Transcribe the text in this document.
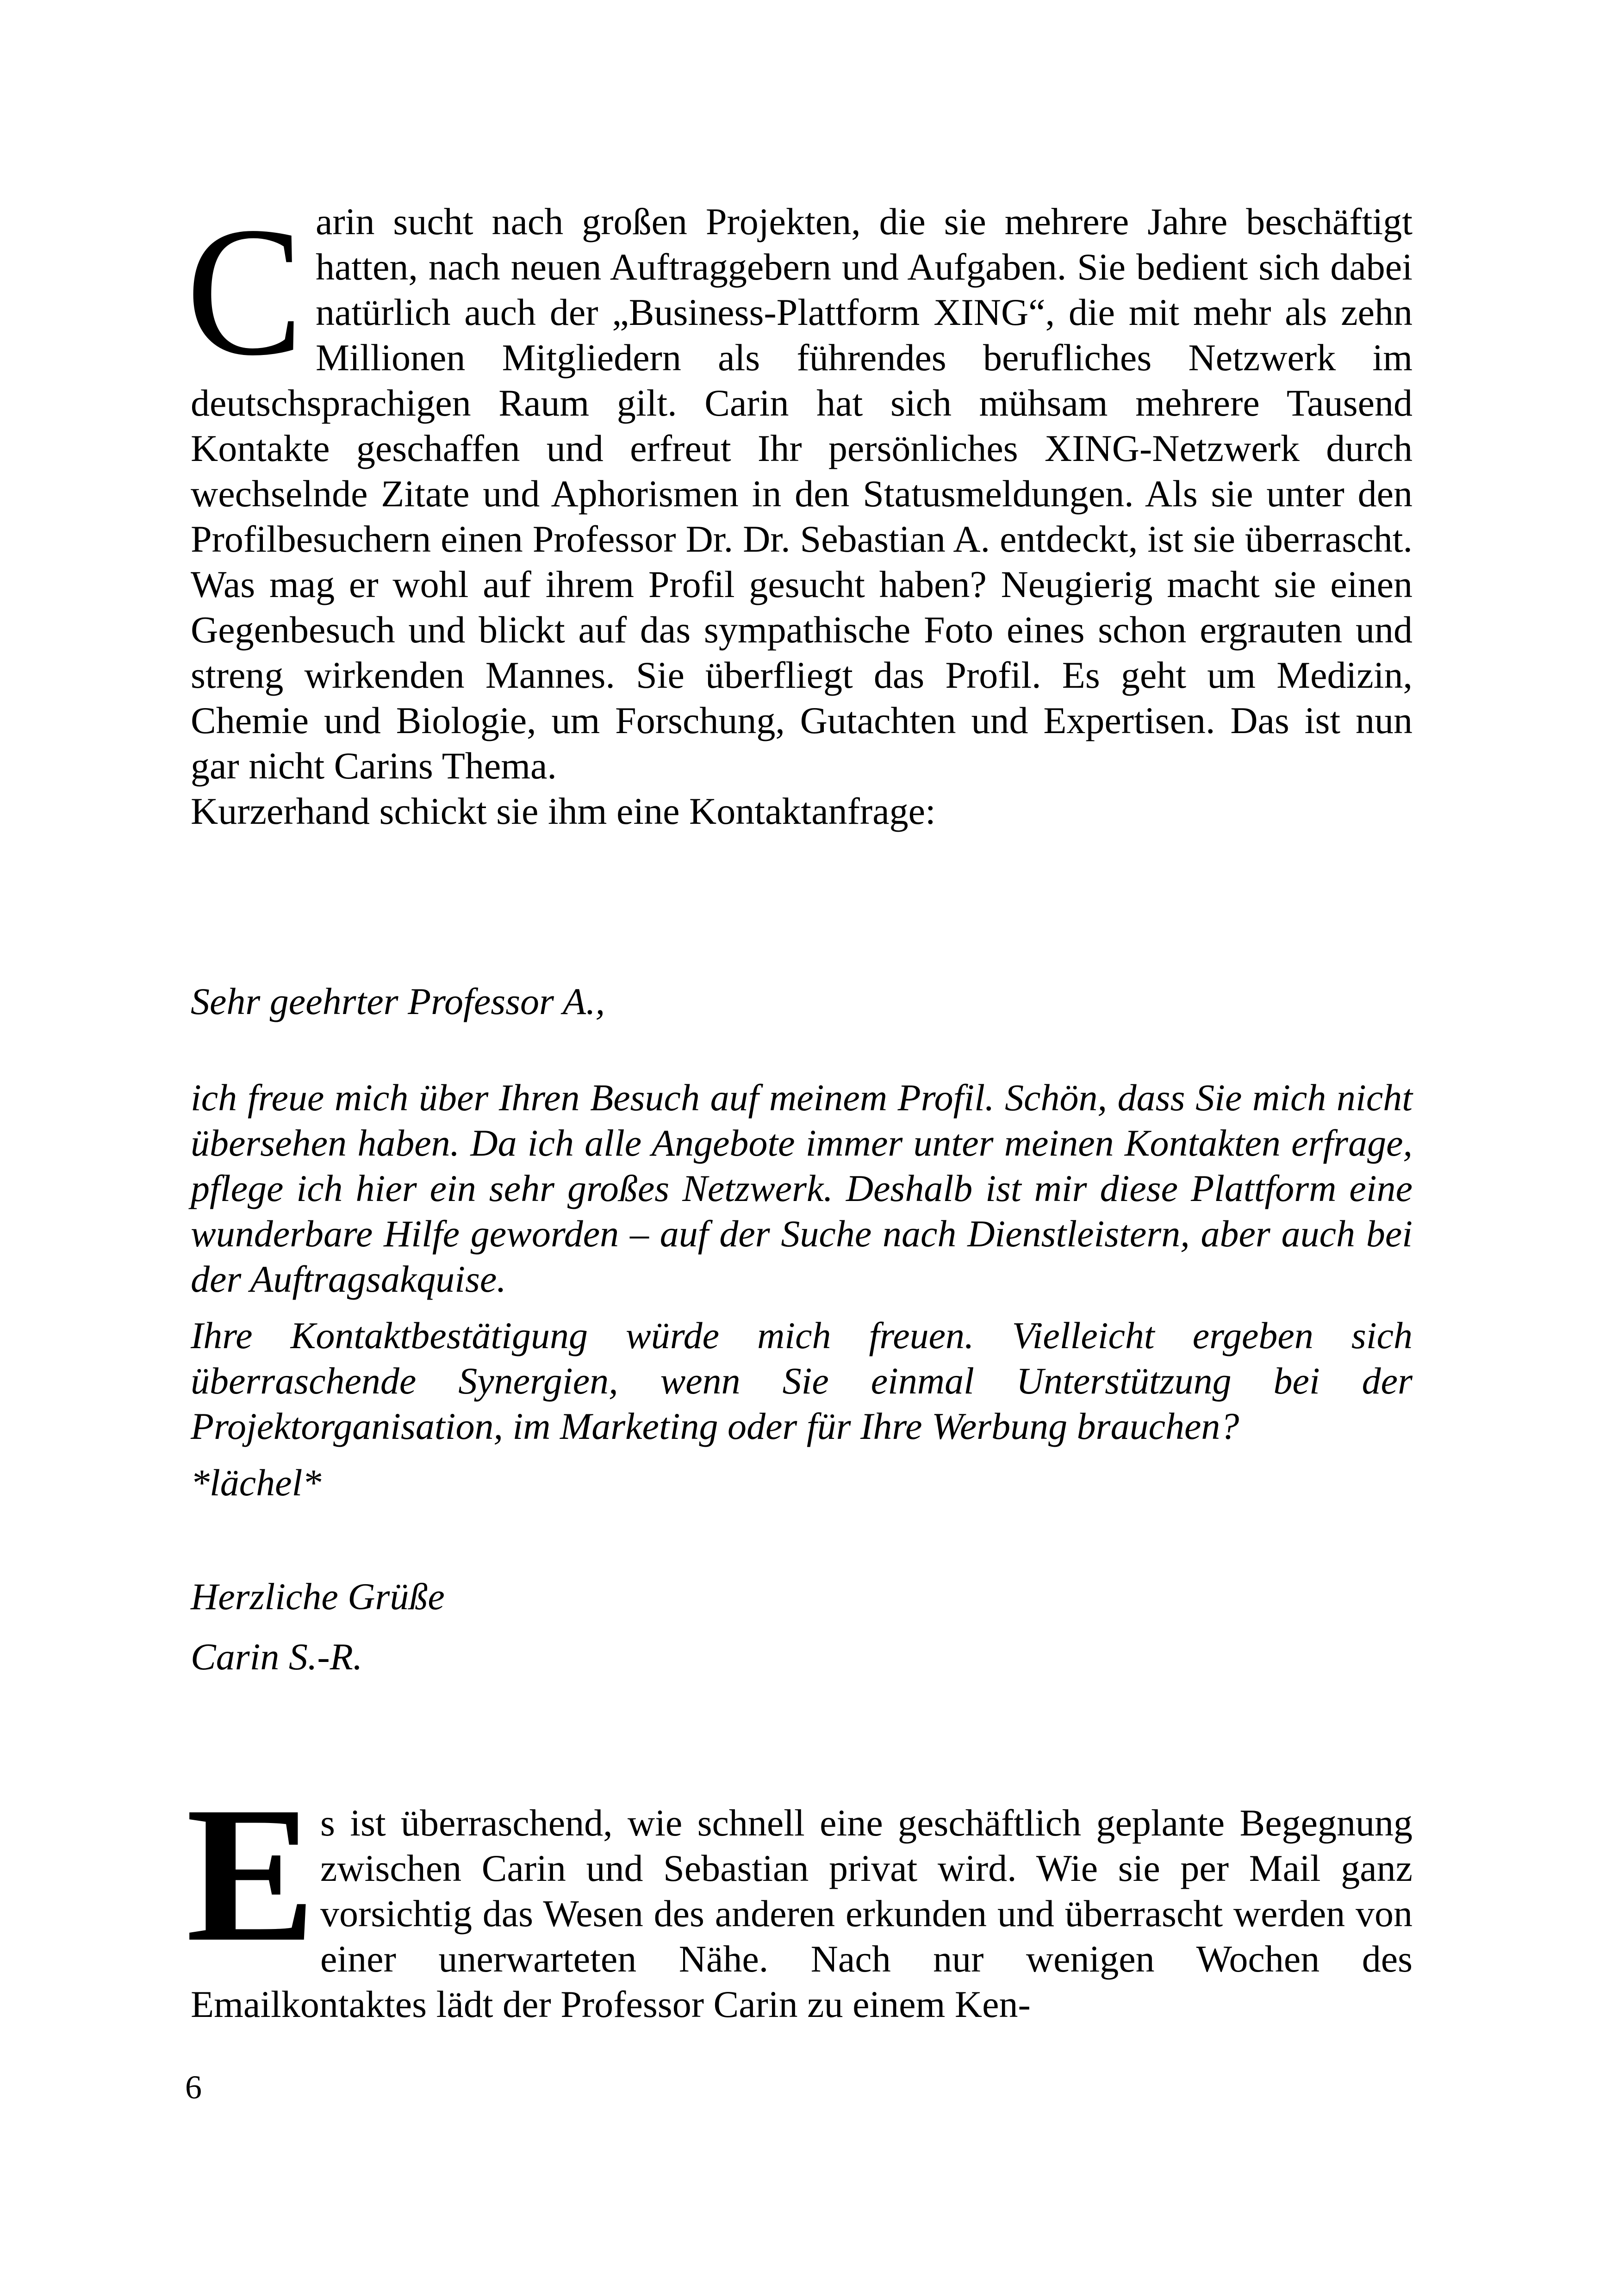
C arin sucht nach großen Projekten, die sie mehrere Jahre beschäftigt hatten, nach neuen Auftraggebern und Aufgaben. Sie bedient sich dabei natürlich auch der „Business-Plattform XING“, die mit mehr als zehn Millionen Mitgliedern als führendes berufliches Netzwerk im deutschsprachigen Raum gilt. Carin hat sich mühsam mehrere Tausend Kontakte geschaffen und erfreut Ihr persönliches XING-Netzwerk durch wechselnde Zitate und Aphorismen in den Statusmeldungen. Als sie unter den Profilbesuchern einen Professor Dr. Dr. Sebastian A. entdeckt, ist sie überrascht. Was mag er wohl auf ihrem Profil gesucht haben? Neugierig macht sie einen Gegenbesuch und blickt auf das sympathische Foto eines schon ergrauten und streng wirkenden Mannes. Sie überfliegt das Profil. Es geht um Medizin, Chemie und Biologie, um Forschung, Gutachten und Expertisen. Das ist nun gar nicht Carins Thema.
Kurzerhand schickt sie ihm eine Kontaktanfrage:
Sehr geehrter Professor A.,
ich freue mich über Ihren Besuch auf meinem Profil. Schön, dass Sie mich nicht übersehen haben. Da ich alle Angebote immer unter meinen Kontakten erfrage, pflege ich hier ein sehr großes Netzwerk. Deshalb ist mir diese Plattform eine wunderbare Hilfe geworden – auf der Suche nach Dienstleistern, aber auch bei der Auftragsakquise.
Ihre Kontaktbestätigung würde mich freuen. Vielleicht ergeben sich überraschende Synergien, wenn Sie einmal Unterstützung bei der Projektorganisation, im Marketing oder für Ihre Werbung brauchen?
*lächel*
Herzliche Grüße
Carin S.-R.
E s ist überraschend, wie schnell eine geschäftlich geplante Begegnung zwischen Carin und Sebastian privat wird. Wie sie per Mail ganz vorsichtig das Wesen des anderen erkunden und überrascht werden von einer unerwarteten Nähe. Nach nur wenigen Wochen des Emailkontaktes lädt der Professor Carin zu einem Ken-
6
